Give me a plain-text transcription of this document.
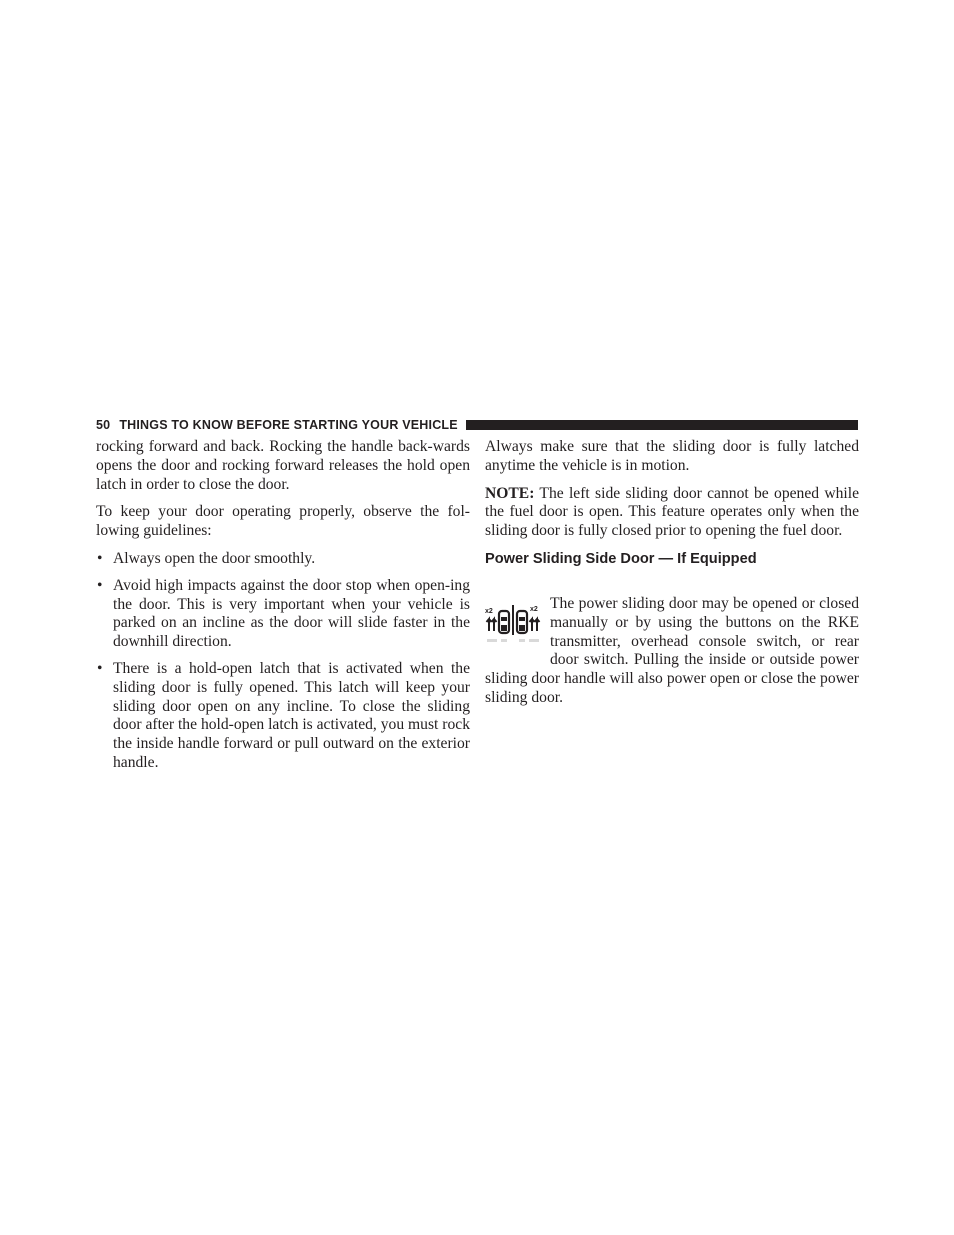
50 THINGS TO KNOW BEFORE STARTING YOUR VEHICLE

rocking forward and back. Rocking the handle back-wards opens the door and rocking forward releases the hold open latch in order to close the door.

To keep your door operating properly, observe the fol-lowing guidelines:

• Always open the door smoothly.
• Avoid high impacts against the door stop when open-ing the door. This is very important when your vehicle is parked on an incline as the door will slide faster in the downhill direction.
• There is a hold-open latch that is activated when the sliding door is fully opened. This latch will keep your sliding door open on any incline. To close the sliding door after the hold-open latch is activated, you must rock the inside handle forward or pull outward on the exterior handle.

Always make sure that the sliding door is fully latched anytime the vehicle is in motion.

NOTE: The left side sliding door cannot be opened while the fuel door is open. This feature operates only when the sliding door is fully closed prior to opening the fuel door.

Power Sliding Side Door — If Equipped

x2	x2 The power sliding door may be opened or closed manually or by using the buttons on the RKE transmitter, overhead console switch, or rear door switch. Pulling the inside or outside power sliding door handle will also power open or close the power sliding door.
